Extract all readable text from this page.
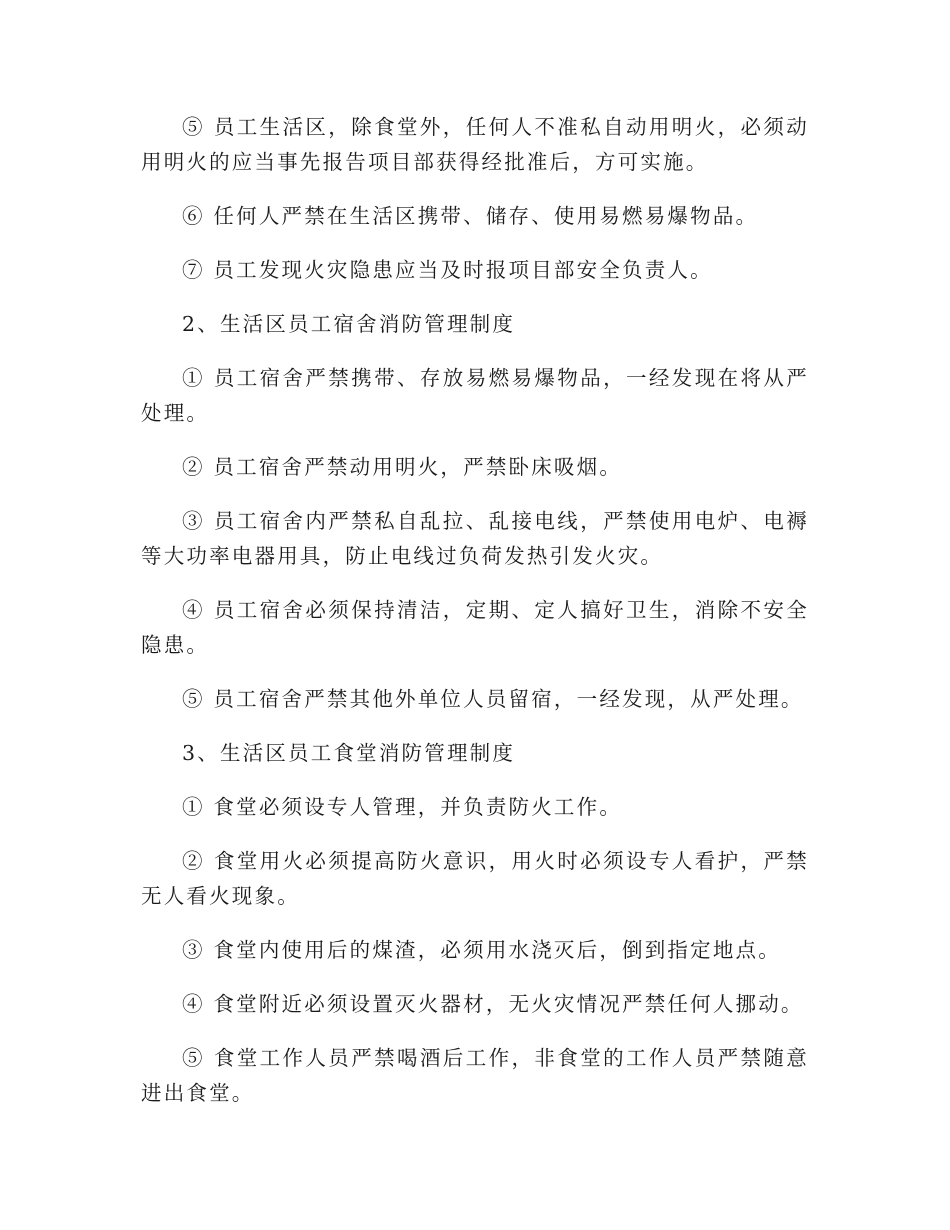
⑤ 员工生活区，除食堂外，任何人不准私自动用明火，必须动用明火的应当事先报告项目部获得经批准后，方可实施。

⑥ 任何人严禁在生活区携带、储存、使用易燃易爆物品。

⑦ 员工发现火灾隐患应当及时报项目部安全负责人。

2、生活区员工宿舍消防管理制度

① 员工宿舍严禁携带、存放易燃易爆物品，一经发现在将从严处理。

② 员工宿舍严禁动用明火，严禁卧床吸烟。

③ 员工宿舍内严禁私自乱拉、乱接电线，严禁使用电炉、电褥等大功率电器用具，防止电线过负荷发热引发火灾。

④ 员工宿舍必须保持清洁，定期、定人搞好卫生，消除不安全隐患。

⑤ 员工宿舍严禁其他外单位人员留宿，一经发现，从严处理。

3、生活区员工食堂消防管理制度

① 食堂必须设专人管理，并负责防火工作。

② 食堂用火必须提高防火意识，用火时必须设专人看护，严禁无人看火现象。

③ 食堂内使用后的煤渣，必须用水浇灭后，倒到指定地点。

④ 食堂附近必须设置灭火器材，无火灾情况严禁任何人挪动。

⑤ 食堂工作人员严禁喝酒后工作，非食堂的工作人员严禁随意进出食堂。
